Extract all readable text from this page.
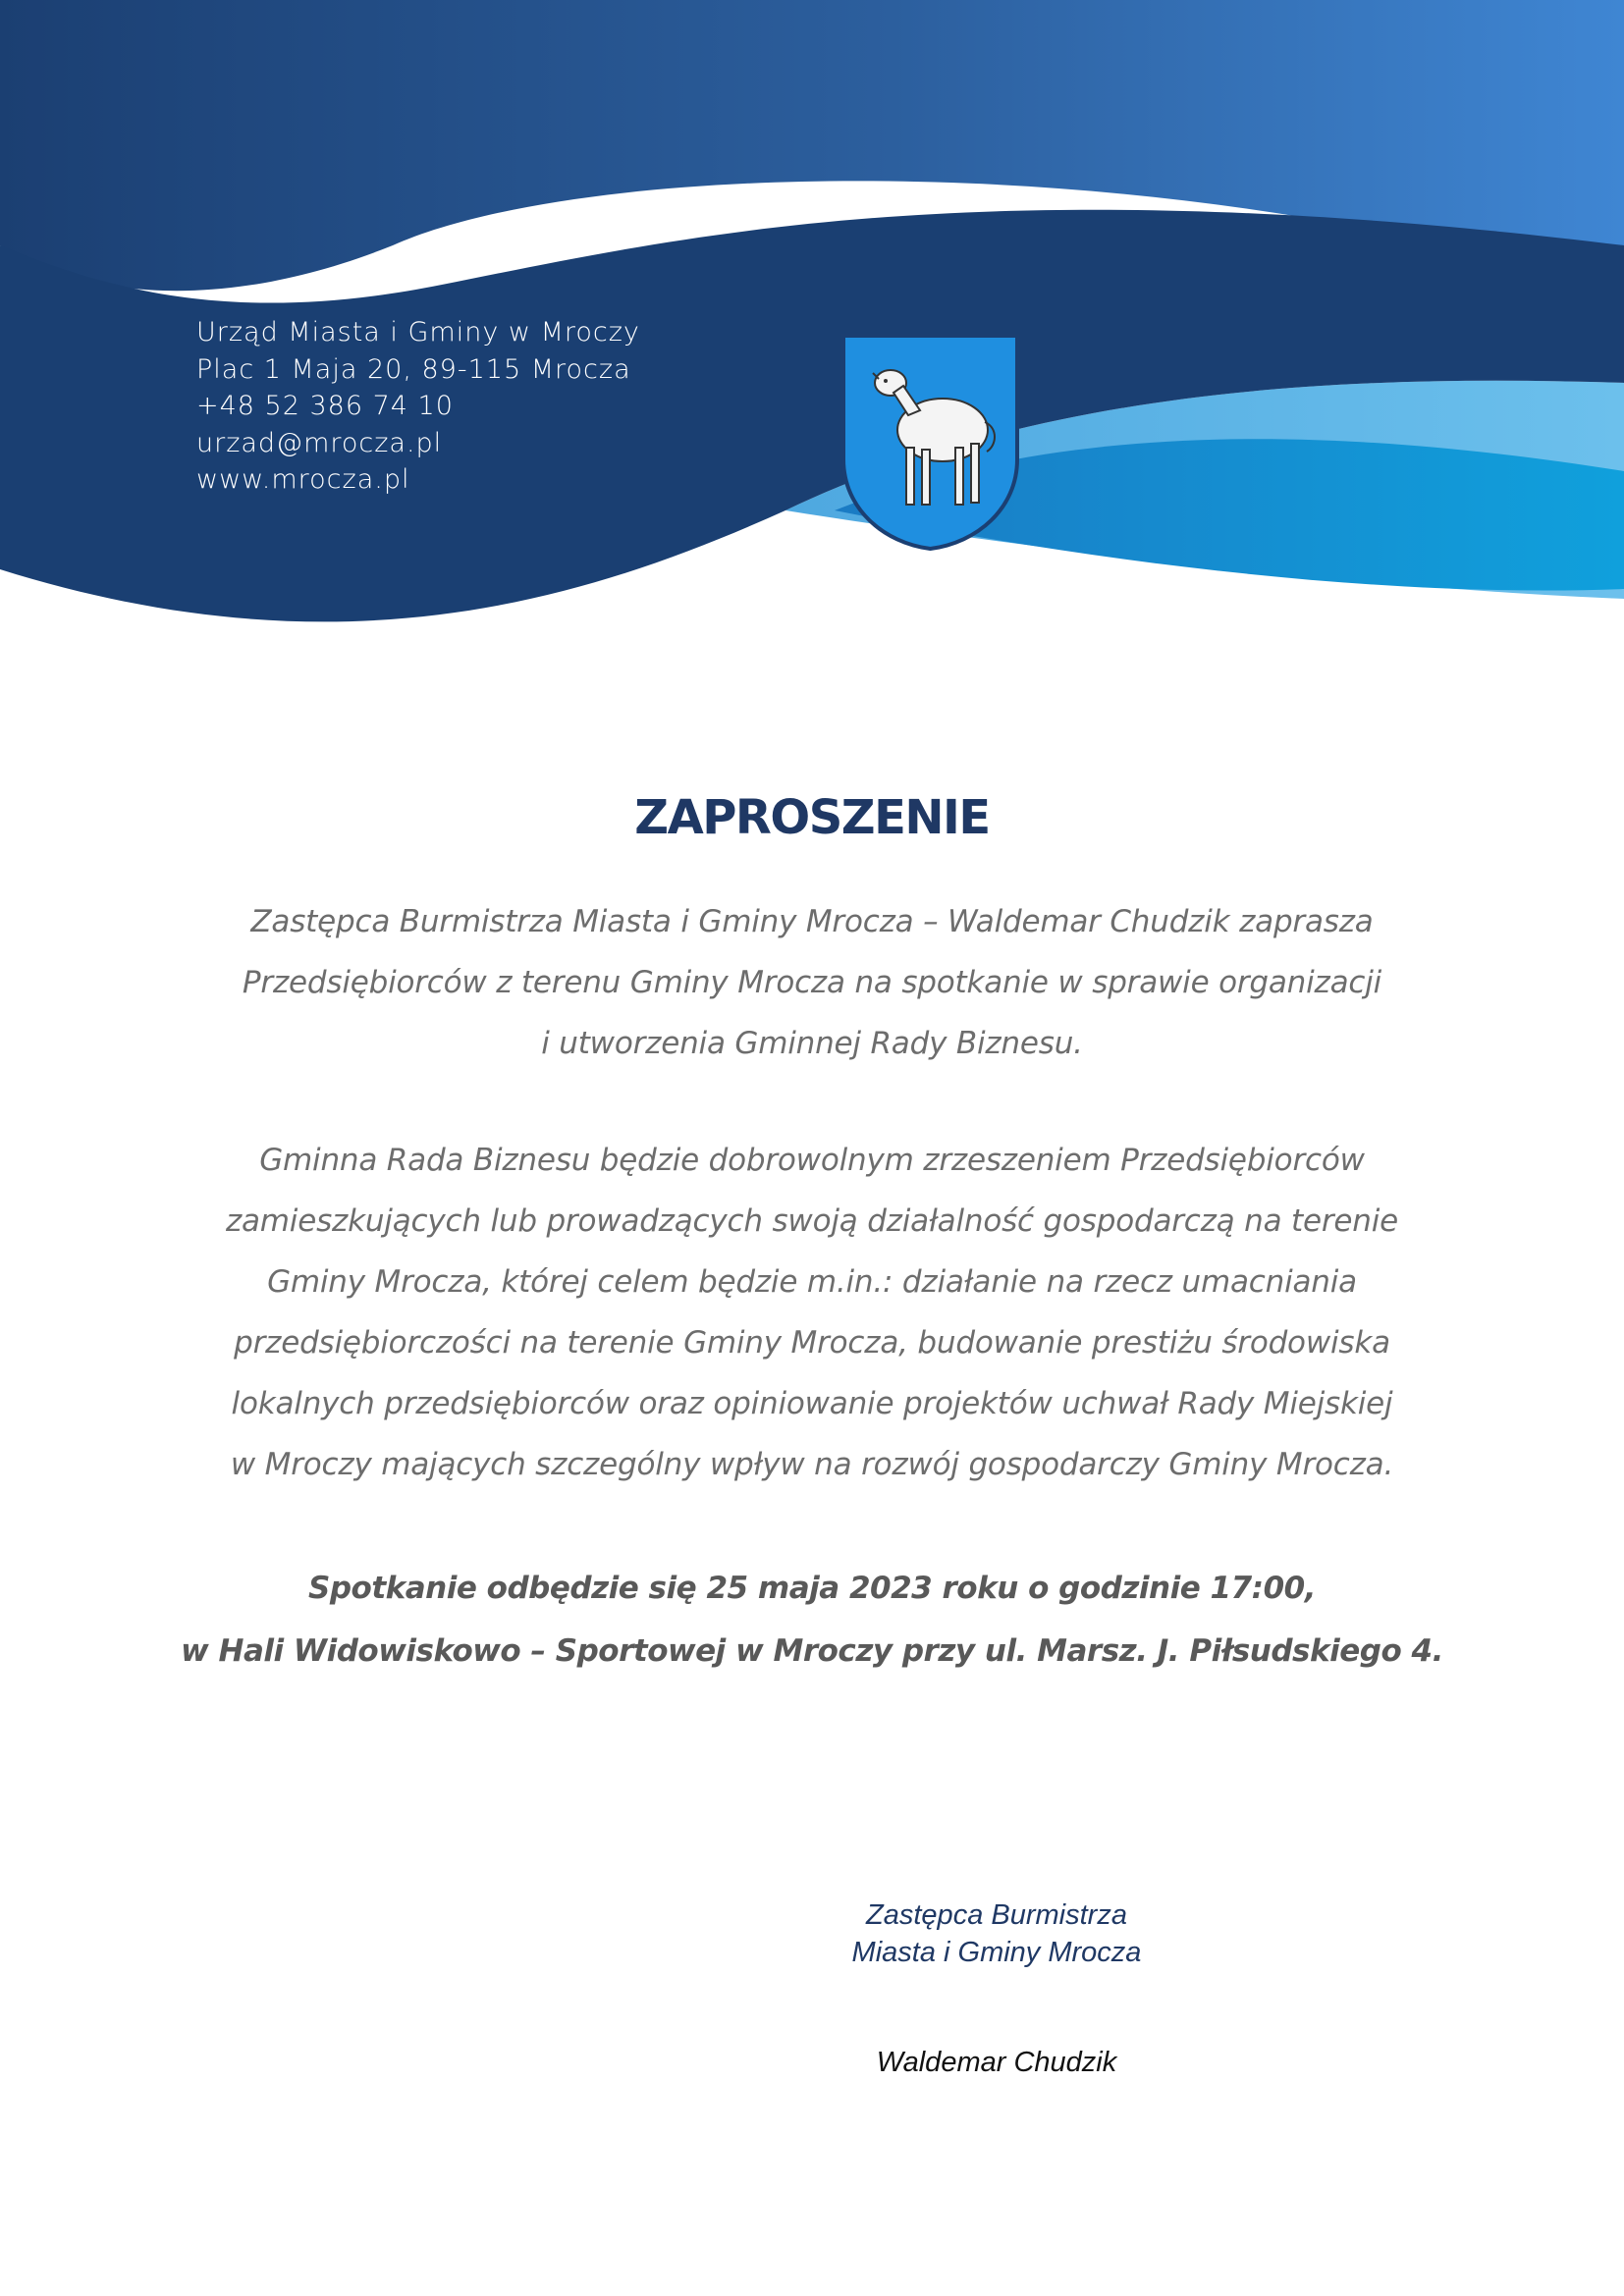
Urząd Miasta i Gminy w Mroczy
Plac 1 Maja 20, 89-115 Mrocza
+48 52 386 74 10
urzad@mrocza.pl
www.mrocza.pl
ZAPROSZENIE
Zastępca Burmistrza Miasta i Gminy Mrocza – Waldemar Chudzik zaprasza
Przedsiębiorców z terenu Gminy Mrocza na spotkanie w sprawie organizacji
i utworzenia Gminnej Rady Biznesu.
Gminna Rada Biznesu będzie dobrowolnym zrzeszeniem Przedsiębiorców
zamieszkujących lub prowadzących swoją działalność gospodarczą na terenie
Gminy Mrocza, której celem będzie m.in.: działanie na rzecz umacniania
przedsiębiorczości na terenie Gminy Mrocza, budowanie prestiżu środowiska
lokalnych przedsiębiorców oraz opiniowanie projektów uchwał Rady Miejskiej
w Mroczy mających szczególny wpływ na rozwój gospodarczy Gminy Mrocza.
Spotkanie odbędzie się 25 maja 2023 roku o godzinie 17:00,
w Hali Widowiskowo – Sportowej w Mroczy przy ul. Marsz. J. Piłsudskiego 4.
Zastępca Burmistrza
Miasta i Gminy Mrocza
Waldemar Chudzik
